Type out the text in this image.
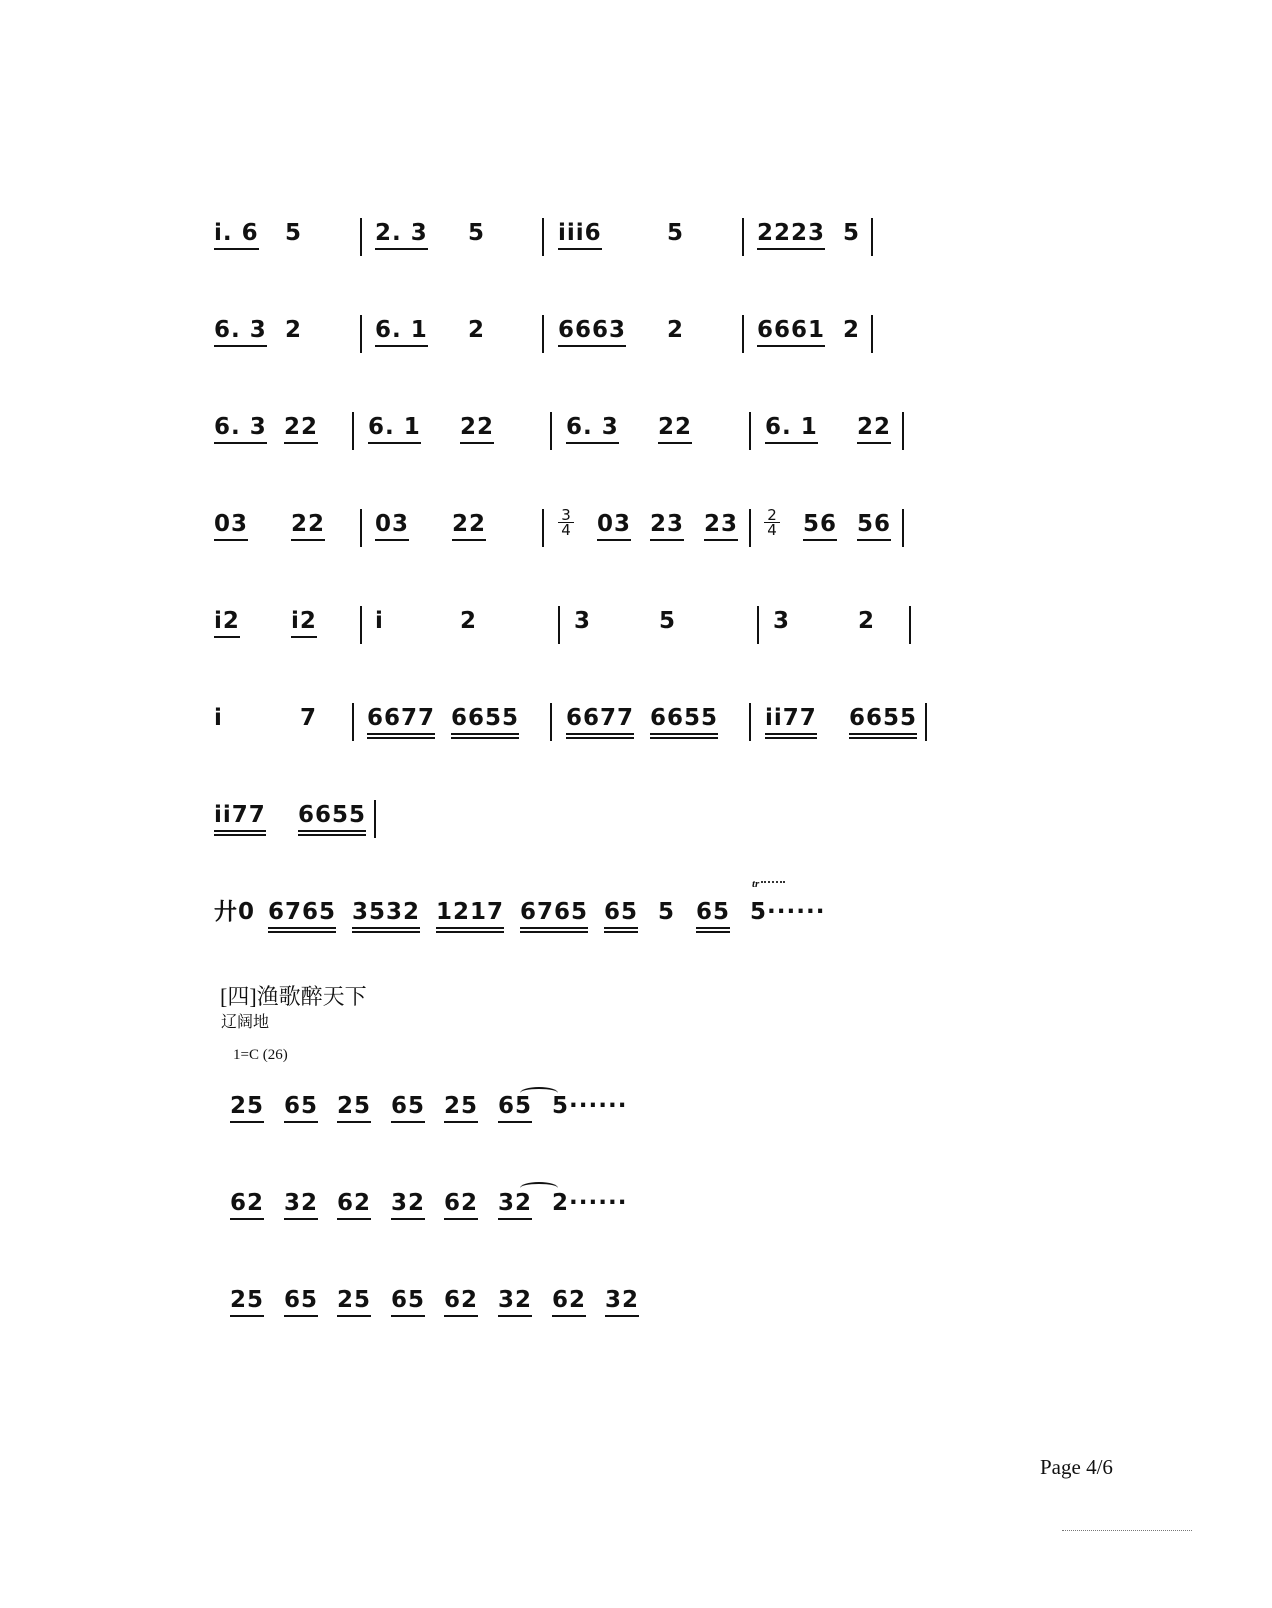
i. 6 5	2. 3 5	iii6	5	2223 5
6. 3 2	6. 1 2	6663 2	6661 2
6. 3 22 6. 1 22	6. 3 22	6. 1 22
03 22 03 22	03 23 23	56 56
i2 i2	i	2	3	5	3	2
i	7 6677 6655 6677 6655 ii77 6655
ii77 6655
廾0 6765 3532 1217 6765 65 5 65 5······
25 65 25 65 25 65 5······
62 32 62 32 62 32 2······
25 65 25 65 62 32 62 32
3
4
2
4
tr
[四]渔歌醉天下
辽阔地
1=C (26)
Page 4/6
